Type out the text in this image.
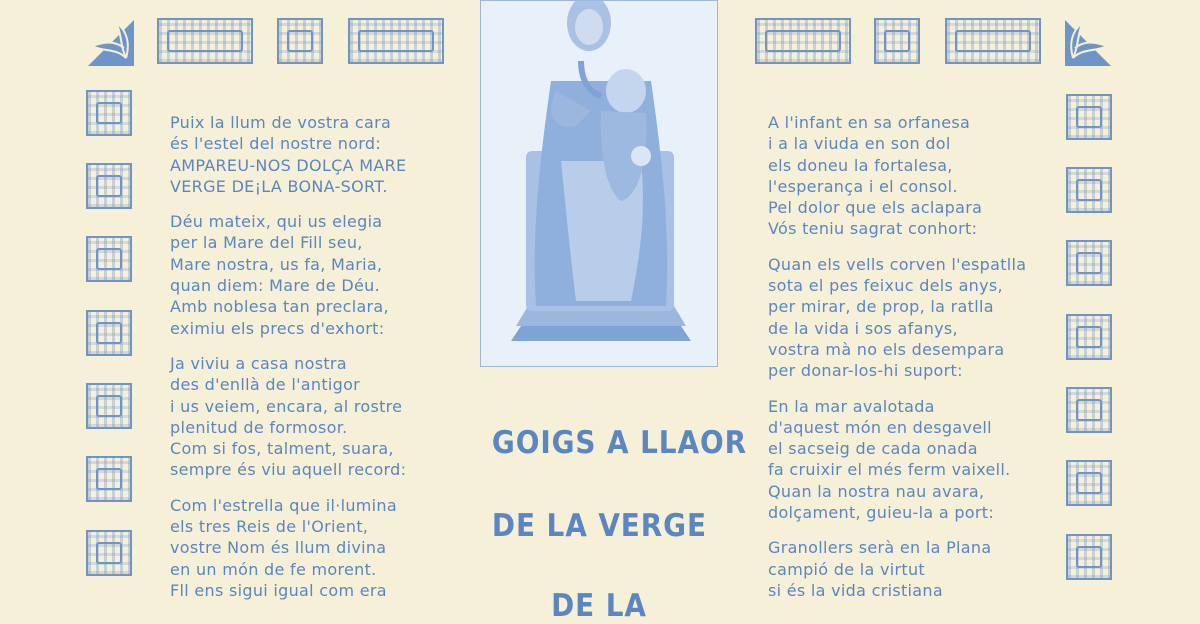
Puix la llum de vostra cara
és l'estel del nostre nord:
AMPAREU-NOS DOLÇA MARE
VERGE DE¡LA BONA-SORT.
Déu mateix, qui us elegia
per la Mare del Fill seu,
Mare nostra, us fa, Maria,
quan diem: Mare de Déu.
Amb noblesa tan preclara,
eximiu els precs d'exhort:
Ja viviu a casa nostra
des d'enllà de l'antigor
i us veiem, encara, al rostre
plenitud de formosor.
Com si fos, talment, suara,
sempre és viu aquell record:
Com l'estrella que il·lumina
els tres Reis de l'Orient,
vostre Nom és llum divina
en un món de fe morent.
Fll ens sigui igual com era
GOIGS A LLAOR
DE LA VERGE
DE LA
A l'infant en sa orfanesa
i a la viuda en son dol
els doneu la fortalesa,
l'esperança i el consol.
Pel dolor que els aclapara
Vós teniu sagrat conhort:
Quan els vells corven l'espatlla
sota el pes feixuc dels anys,
per mirar, de prop, la ratlla
de la vida i sos afanys,
vostra mà no els desempara
per donar-los-hi suport:
En la mar avalotada
d'aquest món en desgavell
el sacseig de cada onada
fa cruixir el més ferm vaixell.
Quan la nostra nau avara,
dolçament, guieu-la a port:
Granollers serà en la Plana
campió de la virtut
si és la vida cristiana
